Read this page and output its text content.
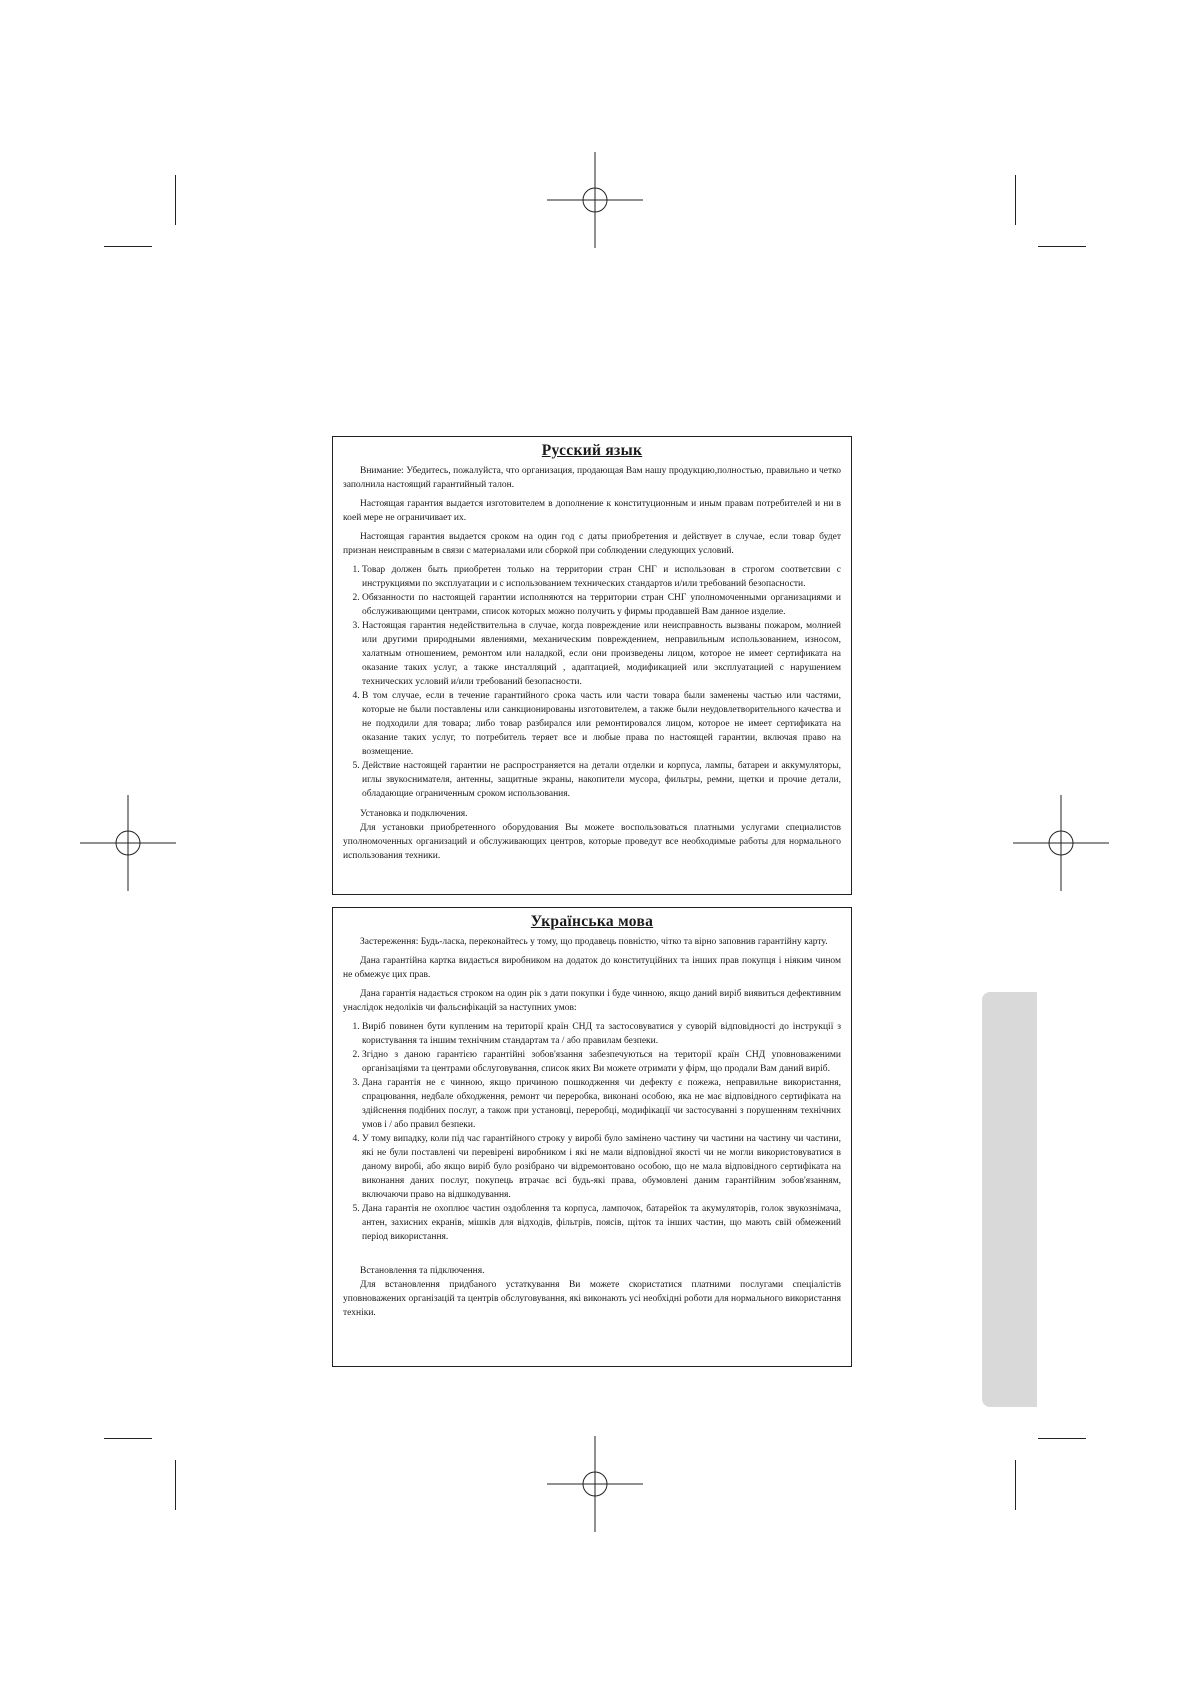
Русский язык

Внимание: Убедитесь, пожалуйста, что организация, продающая Вам нашу продукцию,полностью, правильно и четко заполнила настоящий гарантийный талон.

Настоящая гарантия выдается изготовителем в дополнение к конституционным и иным правам потребителей и ни в коей мере не ограничивает их.

Настоящая гарантия выдается сроком на один год с даты приобретения и действует в случае, если товар будет признан неисправным в связи с материалами или сборкой при соблюдении следующих условий.

1. Товар должен быть приобретен только на территории стран СНГ и использован в строгом соответсвии с инструкциями по эксплуатации и с использованием технических стандартов и/или требований безопасности.
2. Обязанности по настоящей гарантии исполняются на территории стран СНГ уполномоченными организациями и обслуживающими центрами, список которых можно получить у фирмы продавшей Вам данное изделие.
3. Настоящая гарантия недействительна в случае, когда повреждение или неисправность вызваны пожаром, молнией или другими природными явлениями, механическим повреждением, неправильным использованием, износом, халатным отношением, ремонтом или наладкой, если они произведены лицом, которое не имеет сертификата на оказание таких услуг, а также инсталляций , адаптацией, модификацией или эксплуатацией с нарушением технических условий и/или требований безопасности.
4. В том случае, если в течение гарантийного срока часть или части товара были заменены частью или частями, которые не были поставлены или санкционированы изготовителем, а также были неудовлетворительного качества и не подходили для товара; либо товар разбирался или ремонтировался лицом, которое не имеет сертификата на оказание таких услуг, то потребитель теряет все и любые права по настоящей гарантии, включая право на возмещение.
5. Действие настоящей гарантии не распространяется на детали отделки и корпуса, лампы, батареи и аккумуляторы, иглы звукоснимателя, антенны, защитные экраны, накопители мусора, фильтры, ремни, щетки и прочие детали, обладающие ограниченным сроком использования.

Установка и подключения.

Для установки приобретенного оборудования Вы можете воспользоваться платными услугами специалистов уполномоченных организаций и обслуживающих центров, которые проведут все необходимые работы для нормального использования техники.

Українська мова

Застереження: Будь-ласка, переконайтесь у тому, що продавець повністю, чітко та вірно заповнив гарантійну карту.

Дана гарантійна картка видається виробником на додаток до конституційних та інших прав покупця і ніяким чином не обмежує цих прав.

Дана гарантія надається строком на один рік з дати покупки і буде чинною, якщо даний виріб виявиться дефективним унаслідок недоліків чи фальсифікацій за наступних умов:

1. Виріб повинен бути купленим на території країн СНД та застосовуватися у суворій відповідності до інструкції з користування та іншим технічним стандартам та / або правилам безпеки.
2. Згідно з даною гарантією гарантійні зобов'язання забезпечуються на території країн СНД уповноваженими організаціями та центрами обслуговування, список яких Ви можете отримати у фірм, що продали Вам даний виріб.
3. Дана гарантія не є чинною, якщо причиною пошкодження чи дефекту є пожежа, неправильне використання, спрацювання, недбале обходження, ремонт чи переробка, виконані особою, яка не має відповідного сертифіката на здійснення подібних послуг, а також при установці, переробці, модифікації чи застосуванні з порушенням технічних умов і / або правил безпеки.
4. У тому випадку, коли під час гарантійного строку у виробі було замінено частину чи частини на частину чи частини, які не були поставлені чи перевірені виробником і які не мали відповідної якості чи не могли використовуватися в даному виробі, або якщо виріб було розібрано чи відремонтовано особою, що не мала відповідного сертифіката на виконання даних послуг, покупець втрачає всі будь-які права, обумовлені даним гарантійним зобов'язанням, включаючи право на відшкодування.
5. Дана гарантія не охоплює частин оздоблення та корпуса, лампочок, батарейок та акумуляторів, голок звукознімача, антен, захисних екранів, мішків для відходів, фільтрів, поясів, щіток та інших частин, що мають свій обмежений період використання.

Встановлення та підключення.

Для встановлення придбаного устаткування Ви можете скористатися платними послугами спеціалістів уповноважених організацій та центрів обслуговування, які виконають усі необхідні роботи для нормального використання техніки.
